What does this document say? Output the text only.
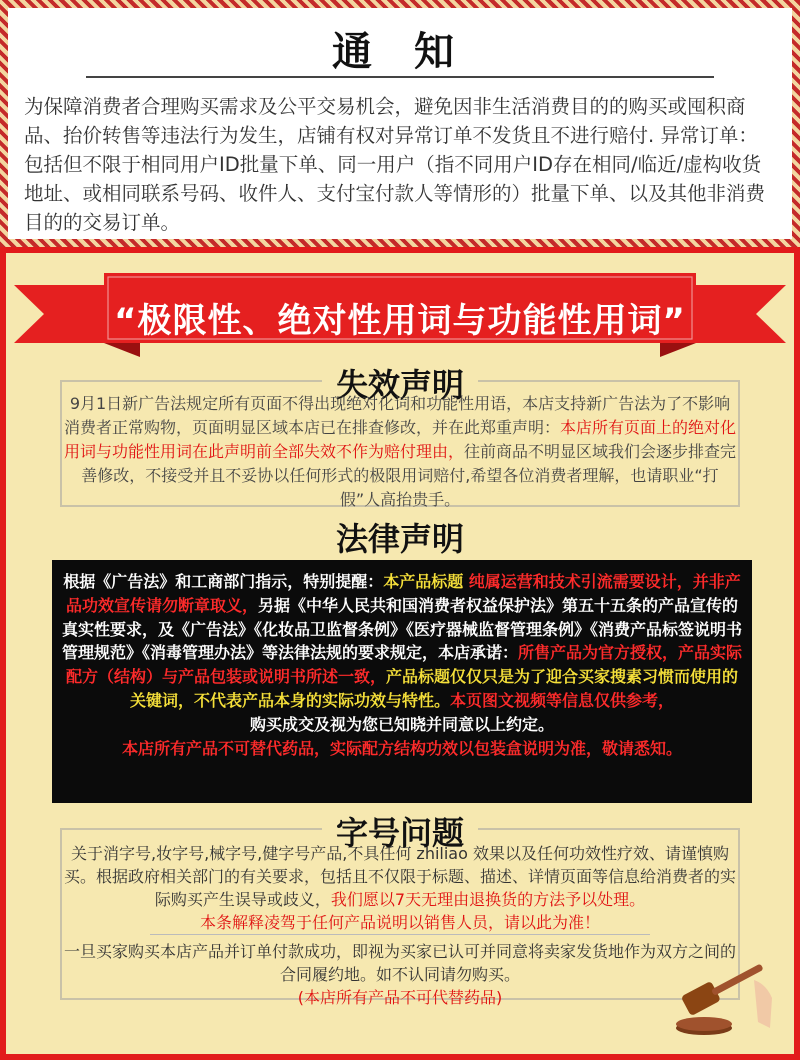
通 知
为保障消费者合理购买需求及公平交易机会，避免因非生活消费目的的购买或囤积商品、抬价转售等违法行为发生，店铺有权对异常订单不发货且不进行赔付. 异常订单：包括但不限于相同用户ID批量下单、同一用户（指不同用户ID存在相同/临近/虚构收货地址、或相同联系号码、收件人、支付宝付款人等情形的）批量下单、以及其他非消费目的的交易订单。
“极限性、绝对性用词与功能性用词”
失效声明
9月1日新广告法规定所有页面不得出现绝对化词和功能性用语，本店支持新广告法为了不影响消费者正常购物，页面明显区域本店已在排查修改，并在此郑重声明：本店所有页面上的绝对化用词与功能性用词在此声明前全部失效不作为赔付理由，往前商品不明显区域我们会逐步排查完善修改，不接受并且不妥协以任何形式的极限用词赔付,希望各位消费者理解，也请职业“打假”人高抬贵手。
法律声明
根据《广告法》和工商部门指示，特别提醒：本产品标题 纯属运营和技术引流需要设计，并非产品功效宣传请勿断章取义，另据《中华人民共和国消费者权益保护法》第五十五条的产品宣传的真实性要求，及《广告法》《化妆品卫监督条例》《医疗器械监督管理条例》《消费产品标签说明书管理规范》《消毒管理办法》等法律法规的要求规定，本店承诺：所售产品为官方授权，产品实际配方（结构）与产品包装或说明书所述一致，产品标题仅仅只是为了迎合买家搜素习惯而使用的关键词，不代表产品本身的实际功效与特性。本页图文视频等信息仅供参考，
购买成交及视为您已知晓并同意以上约定。
本店所有产品不可替代药品，实际配方结构功效以包装盒说明为准，敬请悉知。
字号问题
关于消字号,妆字号,械字号,健字号产品,不具任何 zhiliao 效果以及任何功效性疗效、请谨慎购买。根据政府相关部门的有关要求，包括且不仅限于标题、描述、详情页面等信息给消费者的实际购买产生误导或歧义，我们愿以7天无理由退换货的方法予以处理。
本条解释凌驾于任何产品说明以销售人员，请以此为准！
一旦买家购买本店产品并订单付款成功，即视为买家已认可并同意将卖家发货地作为双方之间的合同履约地。如不认同请勿购买。
(本店所有产品不可代替药品)
